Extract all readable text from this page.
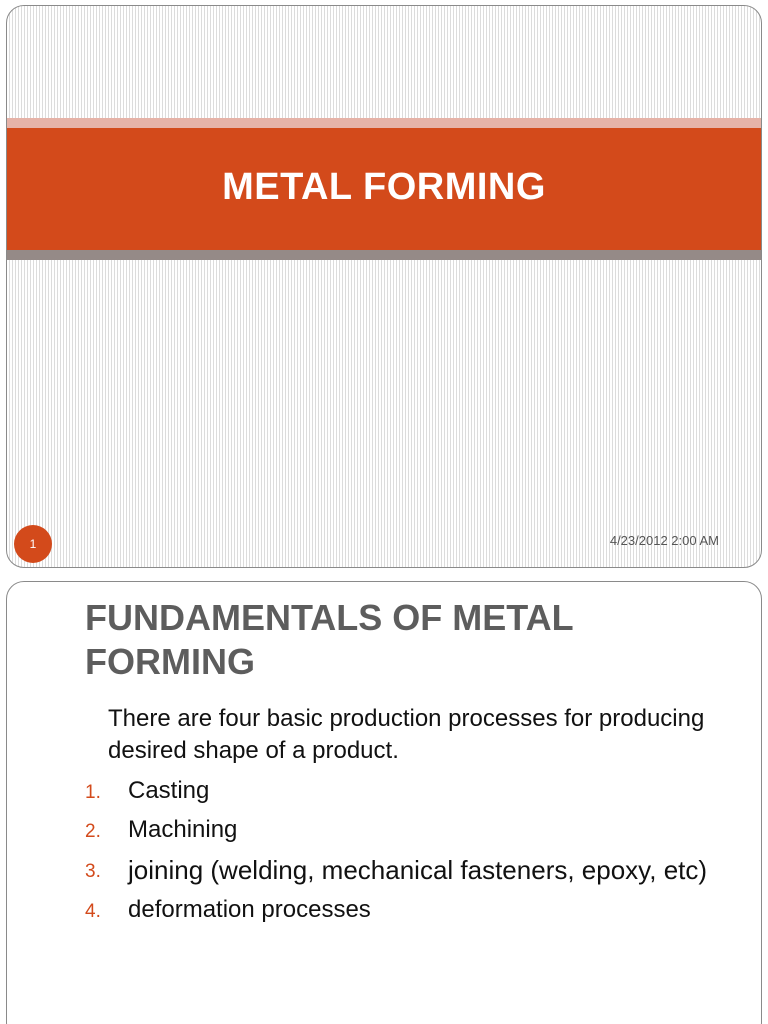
METAL FORMING
1	4/23/2012 2:00 AM
FUNDAMENTALS OF METAL FORMING
There are four basic production processes for producing desired shape of a product.
1. Casting
2. Machining
3. joining (welding, mechanical fasteners, epoxy, etc)
4. deformation processes
